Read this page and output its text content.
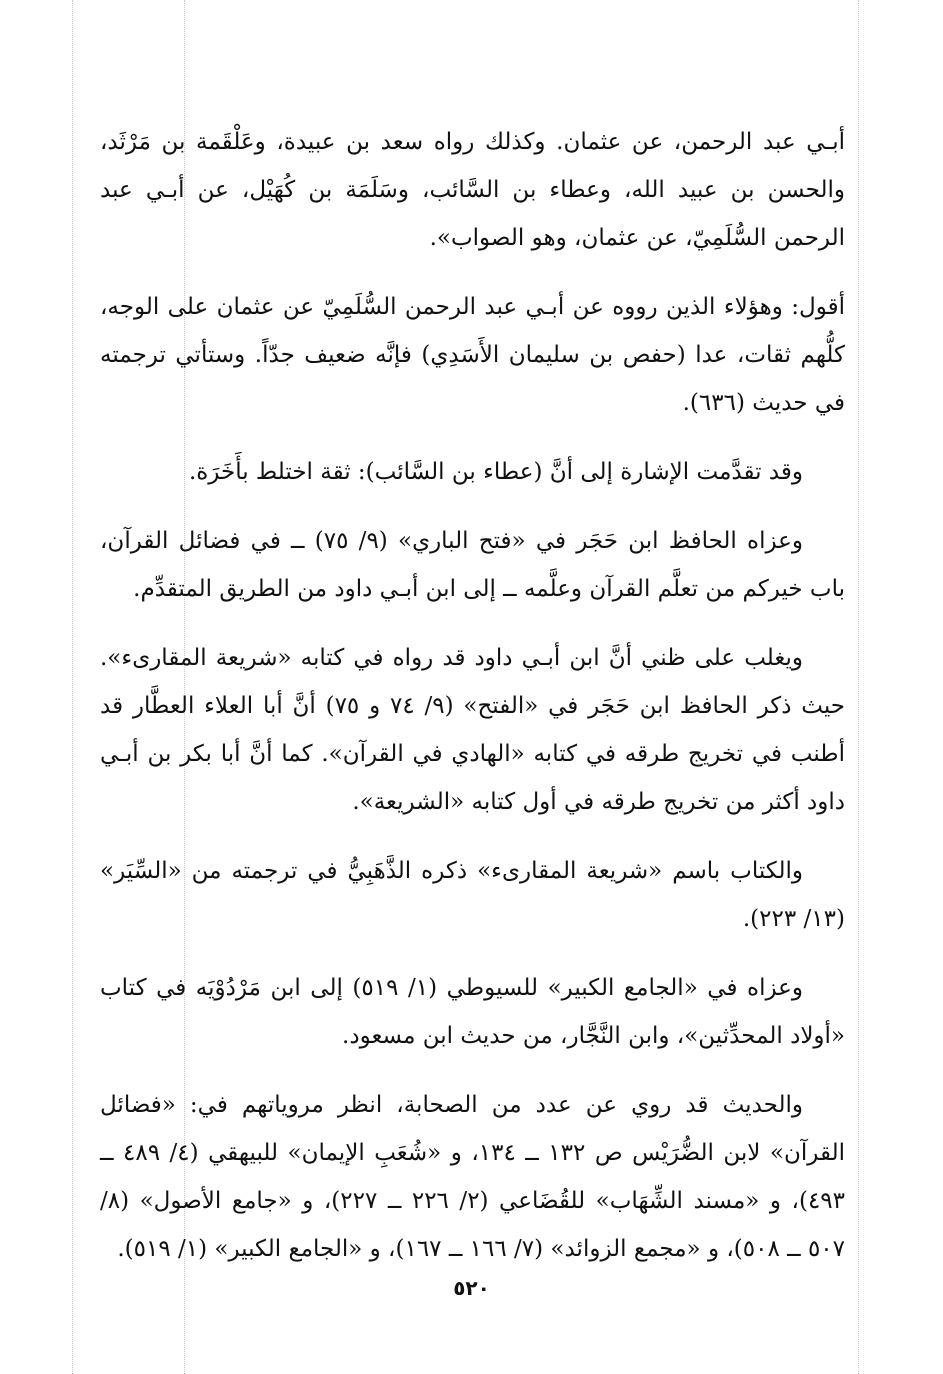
أبـي عبد الرحمن، عن عثمان. وكذلك رواه سعد بن عبيدة، وعَلْقَمة بن مَرْثَد، والحسن بن عبيد الله، وعطاء بن السَّائب، وسَلَمَة بن كُهَيْل، عن أبـي عبد الرحمن السُّلَمِيّ، عن عثمان، وهو الصواب».

أقول: وهؤلاء الذين رووه عن أبـي عبد الرحمن السُّلَمِيّ عن عثمان على الوجه، كلُّهم ثقات، عدا (حفص بن سليمان الأَسَدِي) فإنَّه ضعيف جدّاً. وستأتي ترجمته في حديث (٦٣٦).

وقد تقدَّمت الإشارة إلى أنَّ (عطاء بن السَّائب): ثقة اختلط بأَخَرَة.

وعزاه الحافظ ابن حَجَر في «فتح الباري» (٩/ ٧٥) ــ في فضائل القرآن، باب خيركم من تعلَّم القرآن وعلَّمه ــ إلى ابن أبـي داود من الطريق المتقدِّم.

ويغلب على ظني أنَّ ابن أبـي داود قد رواه في كتابه «شريعة المقارىء». حيث ذكر الحافظ ابن حَجَر في «الفتح» (٩/ ٧٤ و ٧٥) أنَّ أبا العلاء العطَّار قد أطنب في تخريج طرقه في كتابه «الهادي في القرآن». كما أنَّ أبا بكر بن أبـي داود أكثر من تخريج طرقه في أول كتابه «الشريعة».

والكتاب باسم «شريعة المقارىء» ذكره الذَّهَبِيُّ في ترجمته من «السِّيَر» (١٣/ ٢٢٣).

وعزاه في «الجامع الكبير» للسيوطي (١/ ٥١٩) إلى ابن مَرْدُوْيَه في كتاب «أولاد المحدِّثين»، وابن النَّجَّار، من حديث ابن مسعود.

والحديث قد روي عن عدد من الصحابة، انظر مروياتهم في: «فضائل القرآن» لابن الضُّرَيْس ص ١٣٢ ــ ١٣٤، و «شُعَبِ الإيمان» للبيهقي (٤/ ٤٨٩ ــ ٤٩٣)، و «مسند الشِّهَاب» للقُضَاعي (٢/ ٢٢٦ ــ ٢٢٧)، و «جامع الأصول» (٨/ ٥٠٧ ــ ٥٠٨)، و «مجمع الزوائد» (٧/ ١٦٦ ــ ١٦٧)، و «الجامع الكبير» (١/ ٥١٩).

٥٢٠
